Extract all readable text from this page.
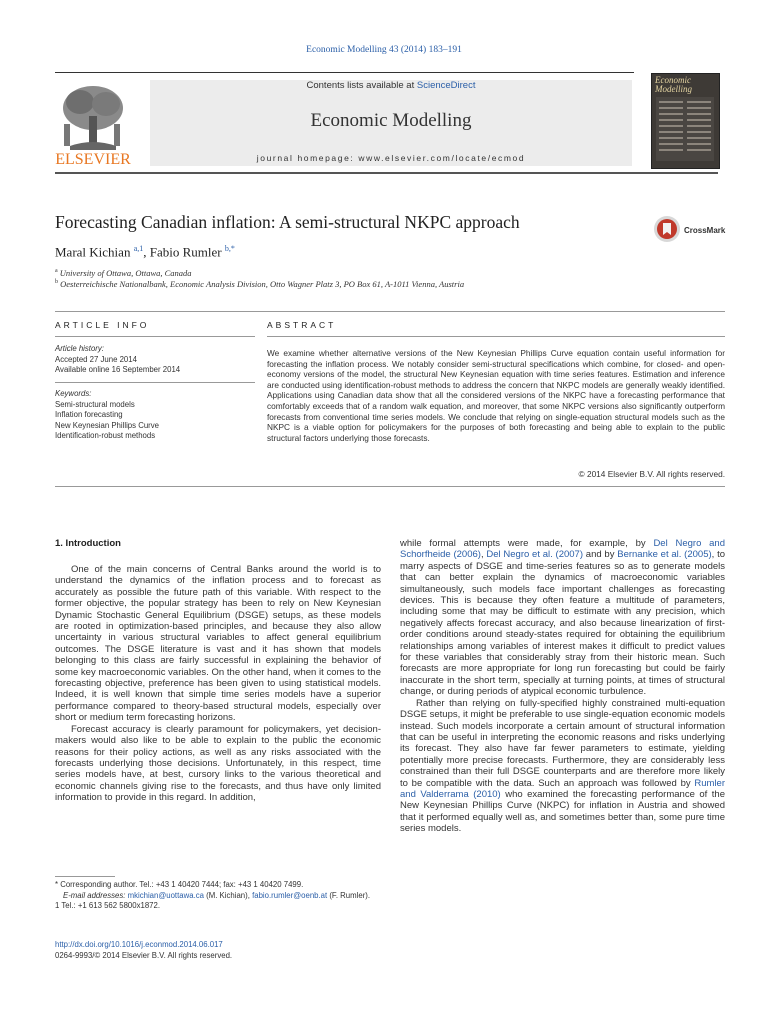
Economic Modelling 43 (2014) 183–191
ELSEVIER
Contents lists available at ScienceDirect
Economic Modelling
journal homepage: www.elsevier.com/locate/ecmod
Economic Modelling
Forecasting Canadian inflation: A semi-structural NKPC approach	CrossMark
Maral Kichian $^{a,1}$, Fabio Rumler $^{b,*}$
$^a$ University of Ottawa, Ottawa, Canada
$^b$ Oesterreichische Nationalbank, Economic Analysis Division, Otto Wagner Platz 3, PO Box 61, A-1011 Vienna, Austria
ARTICLE INFO	ABSTRACT
Article history:
Accepted 27 June 2014
Available online 16 September 2014
Keywords:
Semi-structural models
Inflation forecasting
New Keynesian Phillips Curve
Identification-robust methods
We examine whether alternative versions of the New Keynesian Phillips Curve equation contain useful information for forecasting the inflation process. We notably consider semi-structural specifications which combine, for closed- and open-economy versions of the model, the structural New Keynesian equation with time series features. Estimation and inference are conducted using identification-robust methods to address the concern that NKPC models are generally weakly identified. Applications using Canadian data show that all the considered versions of the NKPC have a forecasting performance that comfortably exceeds that of a random walk equation, and moreover, that some NKPC versions also significantly outperform forecasts from conventional time series models. We conclude that relying on single-equation structural models such as the NKPC is a viable option for policymakers for the purposes of both forecasting and being able to explain to the public structural factors underlying those forecasts.
© 2014 Elsevier B.V. All rights reserved.
1. Introduction

One of the main concerns of Central Banks around the world is to understand the dynamics of the inflation process and to forecast as accurately as possible the future path of this variable. With respect to the former objective, the popular strategy has been to rely on New Keynesian Dynamic Stochastic General Equilibrium (DSGE) setups, as these models are rooted in optimization-based principles, and because they also allow uncertainty in various structural variables to affect general equilibrium outcomes. The DSGE literature is vast and it has shown that models belonging to this class are fairly successful in explaining the behavior of some key macroeconomic variables. On the other hand, when it comes to the forecasting objective, preference has been given to using statistical models. Indeed, it is well known that simple time series models have a superior performance compared to theory-based structural models, especially over short or medium term forecasting horizons.

Forecast accuracy is clearly paramount for policymakers, yet decision-makers would also like to be able to explain to the public the economic reasons for their policy actions, as well as any risks associated with the forecasts underlying those decisions. Unfortunately, in this respect, time series models have, at best, cursory links to the various theoretical and economic channels giving rise to the forecasts, and thus have only limited information to provide in this regard. In addition,

while formal attempts were made, for example, by Del Negro and Schorfheide (2006), Del Negro et al. (2007) and by Bernanke et al. (2005), to marry aspects of DSGE and time-series features so as to generate models that can better explain the dynamics of macroeconomic variables simultaneously, such models face important challenges as forecasting devices. This is because they often feature a multitude of parameters, including some that may be difficult to estimate with any precision, which negatively affects forecast accuracy, and also because linearization of first-order conditions around steady-states required for obtaining the equilibrium relationships among variables of interest makes it difficult to predict values for these variables that considerably stray from their historic mean. Such forecasts are more appropriate for long run forecasting but could be fairly inaccurate in the short term, specially at turning points, at times of structural change, or during periods of atypical economic turbulence.

Rather than relying on fully-specified highly constrained multi-equation DSGE setups, it might be preferable to use single-equation economic models instead. Such models incorporate a certain amount of structural information that can be useful in interpreting the economic reasons and risks underlying its forecast. They also have far fewer parameters to estimate, yielding potentially more precise forecasts. Furthermore, they are considerably less constrained than their full DSGE counterparts and are therefore more likely to be compatible with the data. Such an approach was followed by Rumler and Valderrama (2010) who examined the forecasting performance of the New Keynesian Phillips Curve (NKPC) for inflation in Austria and showed that it performed equally well as, and sometimes better than, some pure time series models.

* Corresponding author. Tel.: +43 1 40420 7444; fax: +43 1 40420 7499.
E-mail addresses: mkichian@uottawa.ca (M. Kichian), fabio.rumler@oenb.at (F. Rumler).
1 Tel.: +1 613 562 5800x1872.
http://dx.doi.org/10.1016/j.econmod.2014.06.017
0264-9993/© 2014 Elsevier B.V. All rights reserved.
